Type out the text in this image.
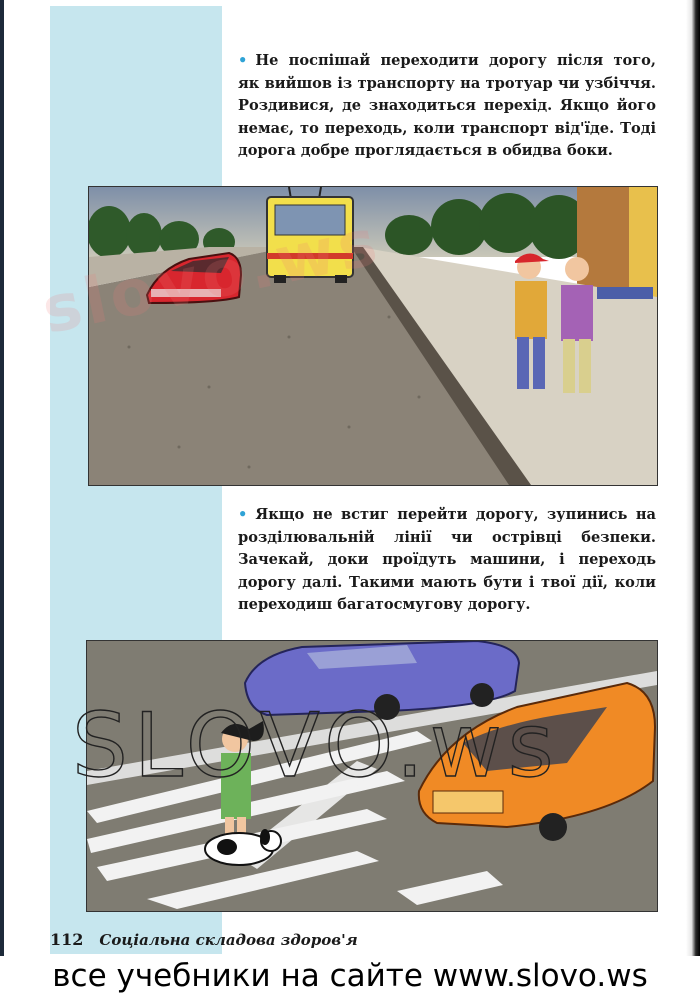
• Не поспішай переходити дорогу після того, як вийшов із транспорту на тротуар чи узбіччя. Роздивися, де знаходиться перехід. Якщо його немає, то переходь, коли транспорт від'їде. Тоді дорога добре проглядається в обидва боки.

• Якщо не встиг перейти дорогу, зупинись на розділювальній лінії чи острівці безпеки. Зачекай, доки проїдуть машини, і переходь дорогу далі. Такими мають бути і твої дії, коли переходиш багатосмугову дорогу.

112 Соціальна складова здоров'я
все учебники на сайте www.slovo.ws
